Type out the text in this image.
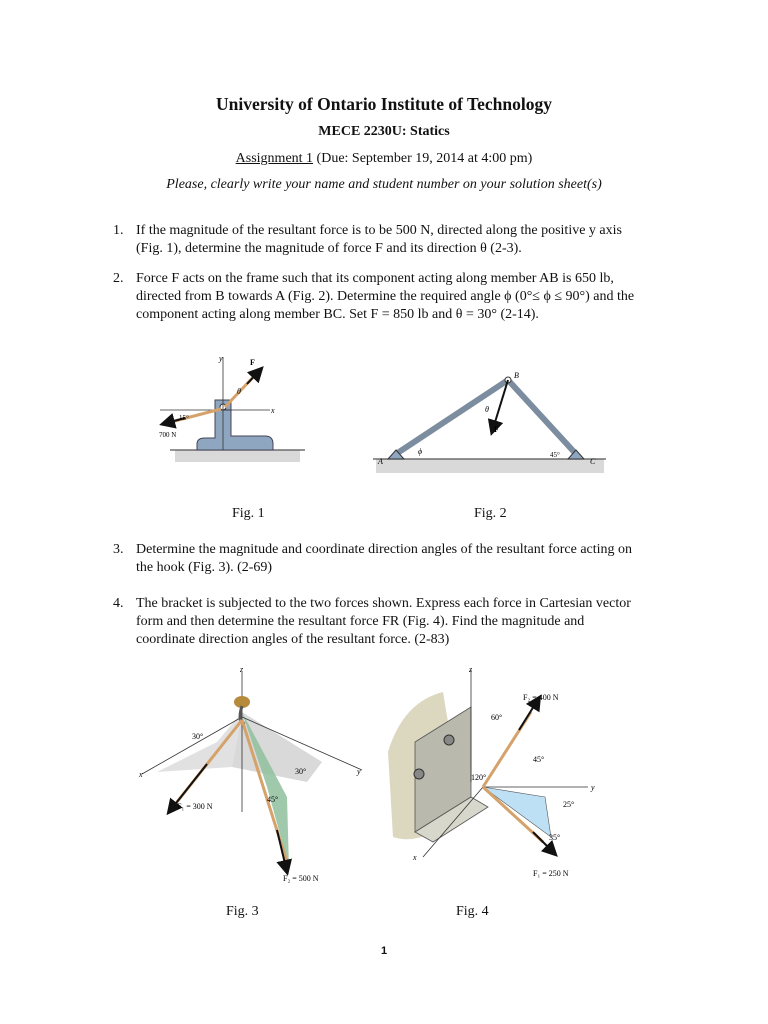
University of Ontario Institute of Technology
MECE 2230U: Statics
Assignment 1 (Due: September 19, 2014 at 4:00 pm)
Please, clearly write your name and student number on your solution sheet(s)
1. If the magnitude of the resultant force is to be 500 N, directed along the positive y axis
(Fig. 1), determine the magnitude of force F and its direction θ (2-3).
2. Force F acts on the frame such that its component acting along member AB is 650 lb,
directed from B towards A (Fig. 2). Determine the required angle ϕ (0°≤ ϕ ≤ 90°) and the
component acting along member BC. Set F = 850 lb and θ = 30° (2-14).
3. Determine the magnitude and coordinate direction angles of the resultant force acting on
the hook (Fig. 3). (2-69)
4. The bracket is subjected to the two forces shown. Express each force in Cartesian vector
form and then determine the resultant force FR (Fig. 4). Find the magnitude and
coordinate direction angles of the resultant force. (2-83)
y
x
F
θ
15°
700 N
A
B
C
F
θ
ϕ	45°
Fig. 1	Fig. 2
z
x	y
30°
30°
45°
F₁ = 300 N
F₂ = 500 N
z
y
x
60°
45°
120°
25°
35°
F₂ = 400 N
F₁ = 250 N
Fig. 3	Fig. 4
1
